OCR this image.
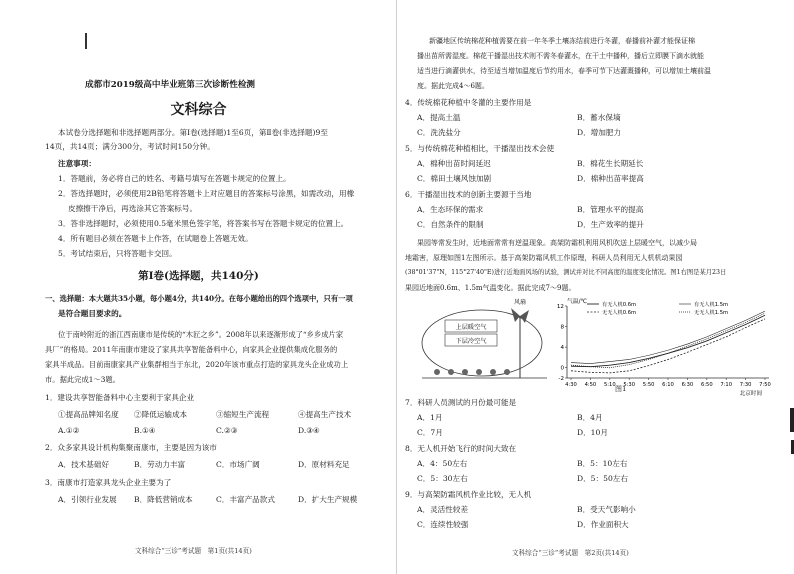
成都市2019级高中毕业班第三次诊断性检测

文科综合

本试卷分选择题和非选择题两部分。第Ⅰ卷(选择题)1至6页，第Ⅱ卷(非选择题)9至

14页，共14页；满分300分，考试时间150分钟。

注意事项：

1．答题前，务必将自己的姓名、考籍号填写在答题卡规定的位置上。

2．答选择题时，必须使用2B铅笔将答题卡上对应题目的答案标号涂黑，如需改动，用橡

皮擦擦干净后，再选涂其它答案标号。

3．答非选择题时，必须使用0.5毫米黑色签字笔，将答案书写在答题卡规定的位置上。

4．所有题目必须在答题卡上作答，在试题卷上答题无效。

5．考试结束后，只将答题卡交回。

第Ⅰ卷(选择题，共140分)

一、选择题：本大题共35小题，每小题4分，共140分。在每小题给出的四个选项中，只有一项

是符合题目要求的。

位于南岭附近的浙江西南康市是传统的“木匠之乡”。2008年以来逐渐形成了“乡乡成片家

具厂”的格局。2011年南康市建设了家具共享智能备料中心，向家具企业提供集成化服务的

家具半成品。目前南康家具产业集群相当于东北，2020年该市重点打造的家具龙头企业成功上

市。据此完成1～3题。

1．建设共享智能备料中心主要利于家具企业

①提高品牌知名度	②降低运输成本	③缩短生产流程	④提高生产技术
A.①②	B.①④	C.②③	D.③④

2．众多家具设计机构集聚南康市，主要是因为该市

A．技术基础好	B．劳动力丰富	C．市场广阔	D．原材料充足

3．南康市打造家具龙头企业主要为了

A．引领行业发展	B．降低营销成本	C．丰富产品款式	D．扩大生产规模

文科综合“三诊”考试题　第1页(共14页)

新疆地区传统棉花种植需要在前一年冬季土壤冻结前进行冬灌，春播前补灌才能保证棉

播出苗所需湿度。棉花干播湿出技术则不需冬春灌水，在干土中播种，播后立即膜下滴水就能

适当进行滴灌供水，待至适当增加温度后节约用水，春季可节下达灌溉播种，可以增加土壤前温

度。据此完成4～6题。

4．传统棉花种植中冬灌的主要作用是

A．提高土温	B．蓄水保墒
C．洗洗盐分	D．增加肥力

5．与传统棉花种植相比，干播湿出技术会使

A．棉种出苗时间延迟	B．棉花生长期延长
C．棉田土壤风蚀加剧	D．棉种出苗率提高

6．干播湿出技术的创新主要源于当地

A．生态环保的需求	B．管理水平的提高
C．自然条件的限制	D．生产效率的提升

果园等常发生时，近地面常常有逆温现象。高架防霜机利用风机吹送上层暖空气，以减少局

地霜害，原理如图1左图所示。基于高架防霜风机工作原理，科研人员利用无人机机动果园

(38°01'37"N，115°27'40"E)进行近地面风场的试验，测试并对比不同高度的温度变化情况。图1右图是某月23日

果园近地面0.6m、1.5m气温变化。据此完成7～9题。

上层暖空气
下层冷空气
风扇	气温/℃
12
8
4
0
-2
4:30 4:50 5:10 5:30 5:50 6:10 6:30 6:50 7:10 7:30 7:50
有无人机0.6m	有无人机1.5m
无无人机0.6m	无无人机1.5m
北京时间

图1

7．科研人员测试的月份最可能是

A．1月	B．4月
C．7月	D．10月

8．无人机开始飞行的时间大致在

A．4：50左右	B．5：10左右
C．5：30左右	D．5：50左右

9．与高架防霜风机作业比较，无人机

A．灵活性较差	B．受天气影响小
C．连续性较强	D．作业面积大

文科综合“三诊”考试题　第2页(共14页)
